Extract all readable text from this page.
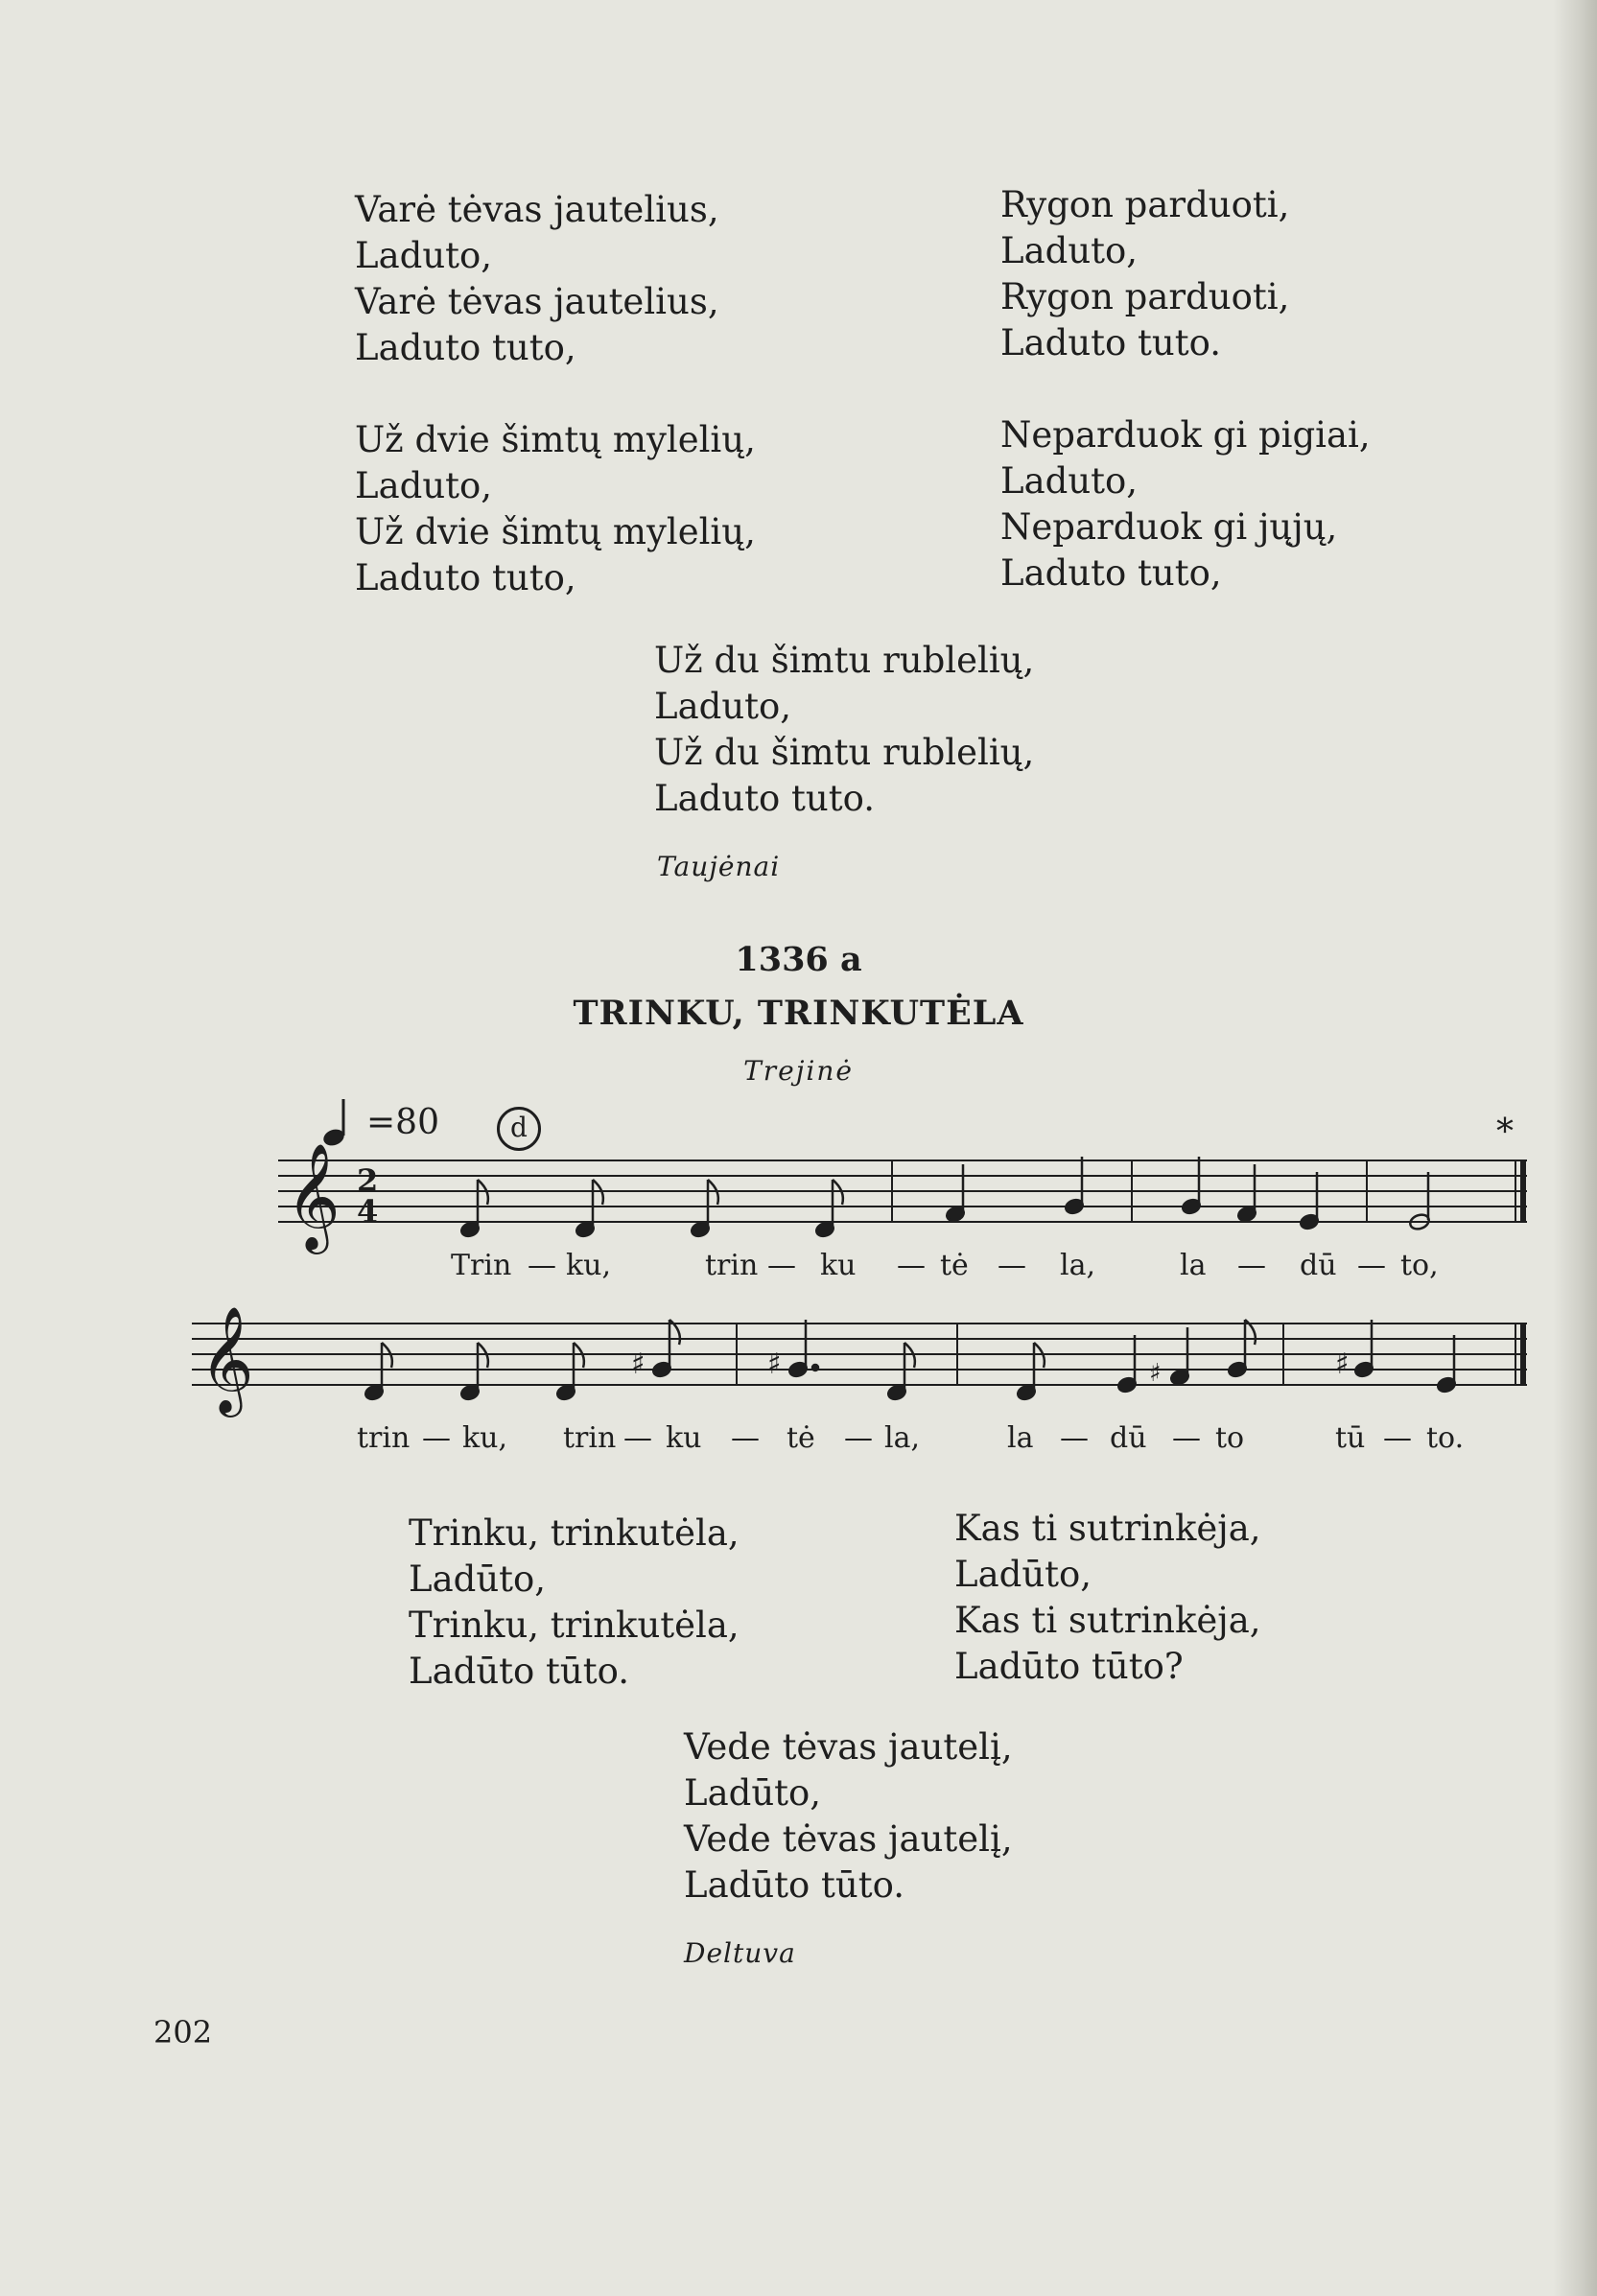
Varė tėvas jautelius,
Laduto,
Varė tėvas jautelius,
Laduto tuto,
Rygon parduoti,
Laduto,
Rygon parduoti,
Laduto tuto.
Už dvie šimtų mylelių,
Laduto,
Už dvie šimtų mylelių,
Laduto tuto,
Neparduok gi pigiai,
Laduto,
Neparduok gi jųjų,
Laduto tuto,
Už du šimtu rublelių,
Laduto,
Už du šimtu rublelių,
Laduto tuto.
Taujėnai
1336 a
TRINKU, TRINKUTĖLA
Trejinė
=80	d	*
𝄞 2
4
Trin — ku,	trin — ku — tė — la,	la — dū — to,
𝄞	♯	♯	♯	♯
trin — ku, trin — ku — tė — la,	la — dū — to	tū — to.
Trinku, trinkutėla,
Ladūto,
Trinku, trinkutėla,
Ladūto tūto.
Kas ti sutrinkėja,
Ladūto,
Kas ti sutrinkėja,
Ladūto tūto?
Vede tėvas jautelį,
Ladūto,
Vede tėvas jautelį,
Ladūto tūto.
Deltuva
202
